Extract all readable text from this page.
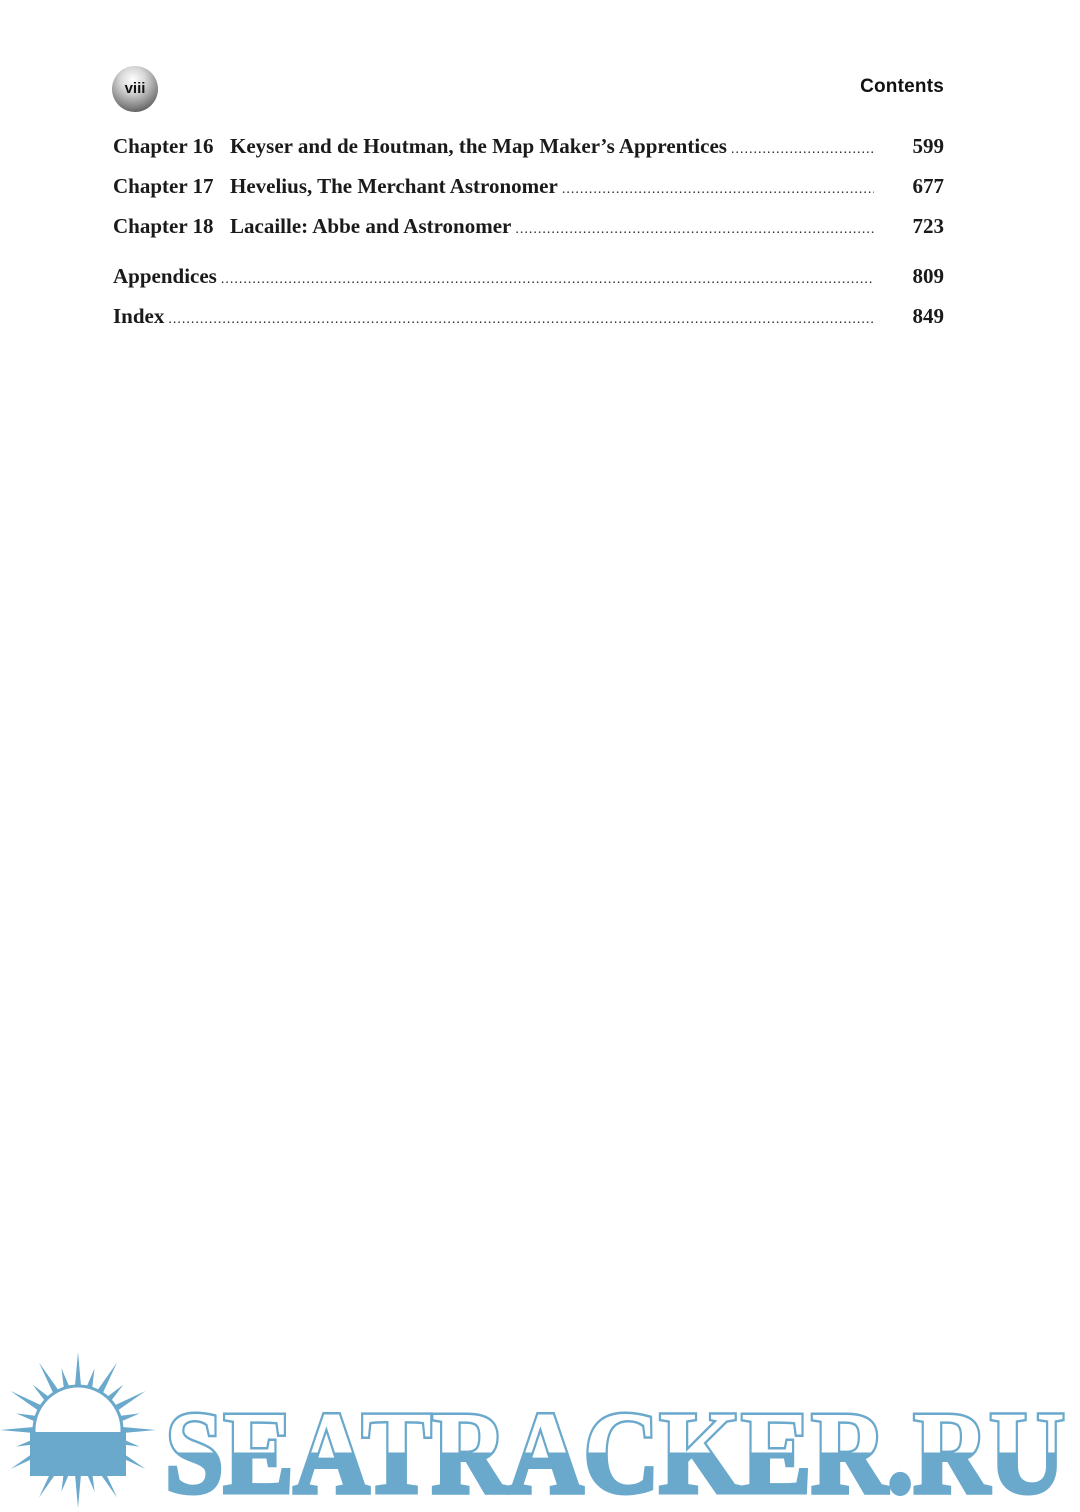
viii	Contents
Chapter 16 Keyser and de Houtman, the Map Maker’s Apprentices .....	599
Chapter 17 Hevelius, The Merchant Astronomer .....	677
Chapter 18 Lacaille: Abbe and Astronomer .....	723
Appendices .....	809
Index .....	849
SEATRACKER.RU
